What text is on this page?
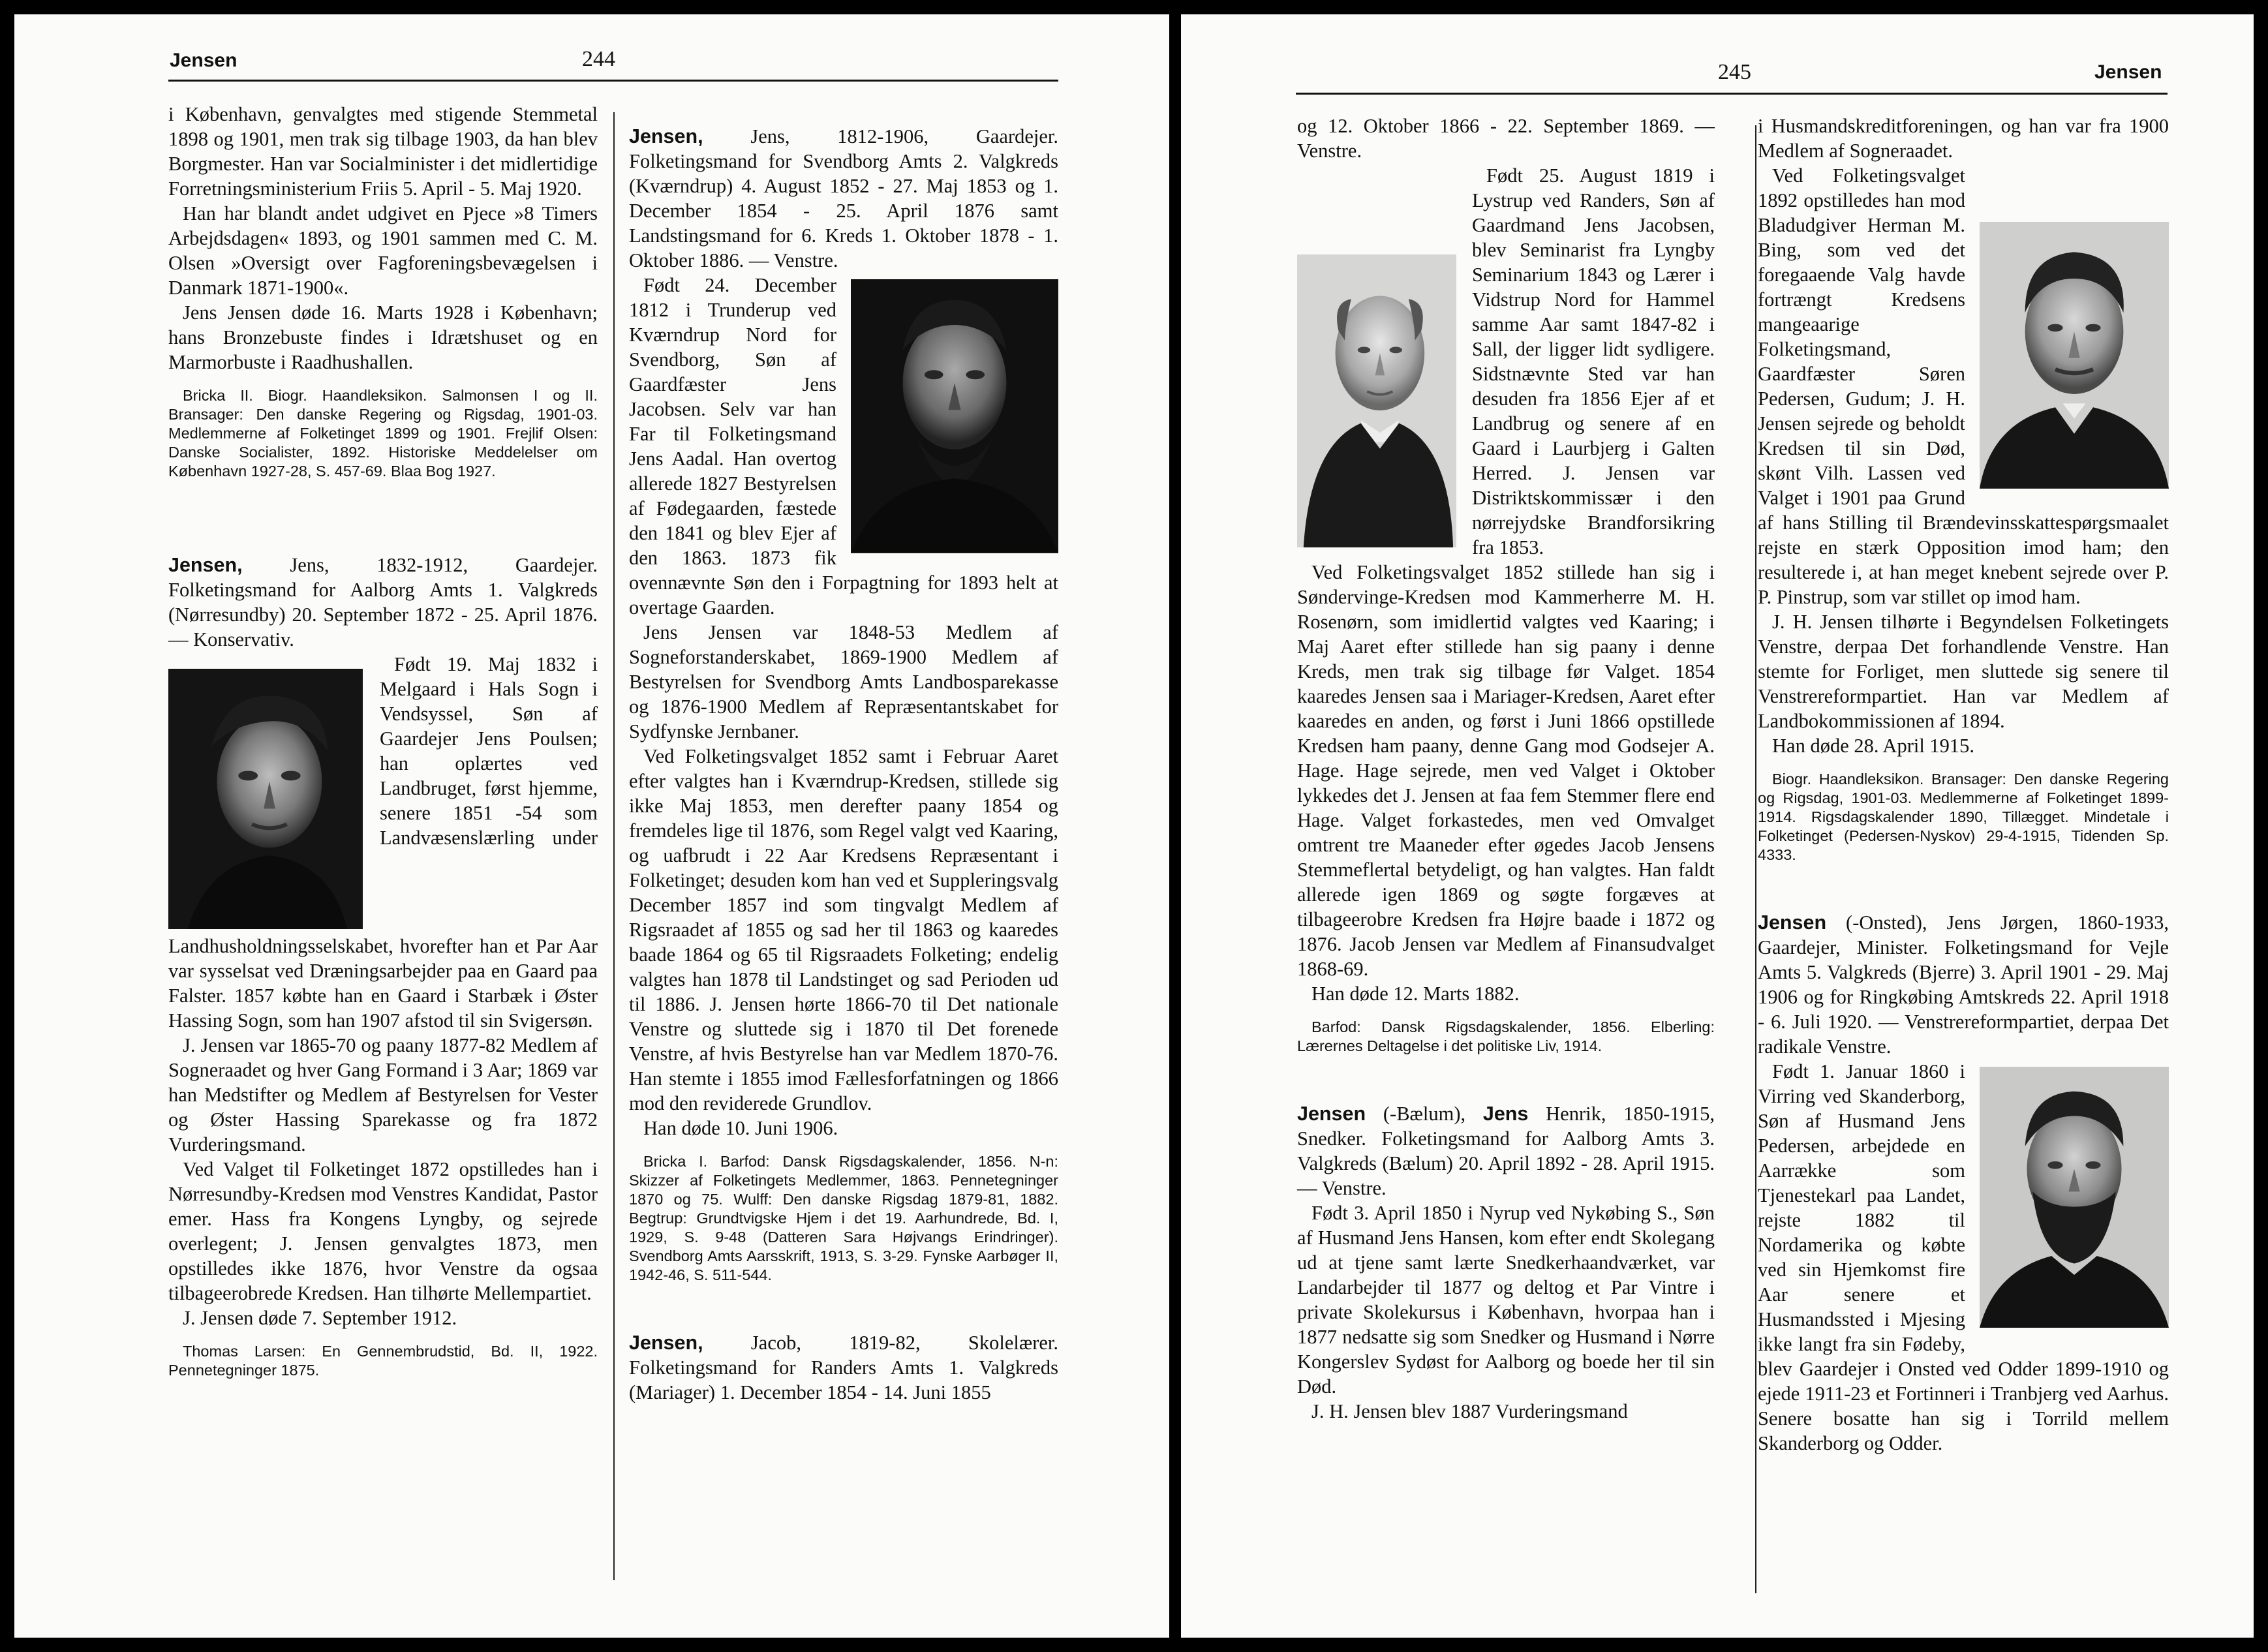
Jensen	244

i København, genvalgtes med stigende Stemmetal 1898 og 1901, men trak sig tilbage 1903, da han blev Borgmester. Han var Socialminister i det midlertidige Forretningsministerium Friis 5. April - 5. Maj 1920.

Han har blandt andet udgivet en Pjece »8 Timers Arbejdsdagen« 1893, og 1901 sammen med C. M. Olsen »Oversigt over Fagforeningsbevægelsen i Danmark 1871-1900«.

Jens Jensen døde 16. Marts 1928 i København; hans Bronzebuste findes i Idrætshuset og en Marmorbuste i Raadhushallen.

Bricka II. Biogr. Haandleksikon. Salmonsen I og II. Bransager: Den danske Regering og Rigsdag, 1901-03. Medlemmerne af Folketinget 1899 og 1901. Frejlif Olsen: Danske Socialister, 1892. Historiske Meddelelser om København 1927-28, S. 457-69. Blaa Bog 1927.

Jensen, Jens, 1832-1912, Gaardejer. Folketingsmand for Aalborg Amts 1. Valgkreds (Nørresundby) 20. September 1872 - 25. April 1876. — Konservativ.

Født 19. Maj 1832 i Melgaard i Hals Sogn i Vendsyssel, Søn af Gaardejer Jens Poulsen; han oplærtes ved Landbruget, først hjemme, senere 1851 -54 som Landvæsenslærling under Landhusholdningsselskabet, hvorefter han et Par Aar var sysselsat ved Dræningsarbejder paa en Gaard paa Falster. 1857 købte han en Gaard i Starbæk i Øster Hassing Sogn, som han 1907 afstod til sin Svigersøn.

J. Jensen var 1865-70 og paany 1877-82 Medlem af Sogneraadet og hver Gang Formand i 3 Aar; 1869 var han Medstifter og Medlem af Bestyrelsen for Vester og Øster Hassing Sparekasse og fra 1872 Vurderingsmand.

Ved Valget til Folketinget 1872 opstilledes han i Nørresundby-Kredsen mod Venstres Kandidat, Pastor emer. Hass fra Kongens Lyngby, og sejrede overlegent; J. Jensen genvalgtes 1873, men opstilledes ikke 1876, hvor Venstre da ogsaa tilbageerobrede Kredsen. Han tilhørte Mellempartiet.

J. Jensen døde 7. September 1912.

Thomas Larsen: En Gennembrudstid, Bd. II, 1922. Pennetegninger 1875.

Jensen, Jens, 1812-1906, Gaardejer. Folketingsmand for Svendborg Amts 2. Valgkreds (Kværndrup) 4. August 1852 - 27. Maj 1853 og 1. December 1854 - 25. April 1876 samt Landstingsmand for 6. Kreds 1. Oktober 1878 - 1. Oktober 1886. — Venstre.

Født 24. December 1812 i Trunderup ved Kværndrup Nord for Svendborg, Søn af Gaardfæster Jens Jacobsen. Selv var han Far til Folketingsmand Jens Aadal. Han overtog allerede 1827 Bestyrelsen af Fødegaarden, fæstede den 1841 og blev Ejer af den 1863. 1873 fik ovennævnte Søn den i Forpagtning for 1893 helt at overtage Gaarden.

Jens Jensen var 1848-53 Medlem af Sogneforstanderskabet, 1869-1900 Medlem af Bestyrelsen for Svendborg Amts Landbosparekasse og 1876-1900 Medlem af Repræsentantskabet for Sydfynske Jernbaner.

Ved Folketingsvalget 1852 samt i Februar Aaret efter valgtes han i Kværndrup-Kredsen, stillede sig ikke Maj 1853, men derefter paany 1854 og fremdeles lige til 1876, som Regel valgt ved Kaaring, og uafbrudt i 22 Aar Kredsens Repræsentant i Folketinget; desuden kom han ved et Suppleringsvalg December 1857 ind som tingvalgt Medlem af Rigsraadet af 1855 og sad her til 1863 og kaaredes baade 1864 og 65 til Rigsraadets Folketing; endelig valgtes han 1878 til Landstinget og sad Perioden ud til 1886. J. Jensen hørte 1866-70 til Det nationale Venstre og sluttede sig i 1870 til Det forenede Venstre, af hvis Bestyrelse han var Medlem 1870-76. Han stemte i 1855 imod Fællesforfatningen og 1866 mod den reviderede Grundlov.

Han døde 10. Juni 1906.

Bricka I. Barfod: Dansk Rigsdagskalender, 1856. N-n: Skizzer af Folketingets Medlemmer, 1863. Pennetegninger 1870 og 75. Wulff: Den danske Rigsdag 1879-81, 1882. Begtrup: Grundtvigske Hjem i det 19. Aarhundrede, Bd. I, 1929, S. 9-48 (Datteren Sara Højvangs Erindringer). Svendborg Amts Aarsskrift, 1913, S. 3-29. Fynske Aarbøger II, 1942-46, S. 511-544.

Jensen, Jacob, 1819-82, Skolelærer. Folketingsmand for Randers Amts 1. Valgkreds (Mariager) 1. December 1854 - 14. Juni 1855

245	Jensen

og 12. Oktober 1866 - 22. September 1869. — Venstre.

Født 25. August 1819 i Lystrup ved Randers, Søn af Gaardmand Jens Jacobsen, blev Seminarist fra Lyngby Seminarium 1843 og Lærer i Vidstrup Nord for Hammel samme Aar samt 1847-82 i Sall, der ligger lidt sydligere. Sidstnævnte Sted var han desuden fra 1856 Ejer af et Landbrug og senere af en Gaard i Laurbjerg i Galten Herred. J. Jensen var Distriktskommissær i den nørrejydske Brandforsikring fra 1853.

Ved Folketingsvalget 1852 stillede han sig i Søndervinge-Kredsen mod Kammerherre M. H. Rosenørn, som imidlertid valgtes ved Kaaring; i Maj Aaret efter stillede han sig paany i denne Kreds, men trak sig tilbage før Valget. 1854 kaaredes Jensen saa i Mariager-Kredsen, Aaret efter kaaredes en anden, og først i Juni 1866 opstillede Kredsen ham paany, denne Gang mod Godsejer A. Hage. Hage sejrede, men ved Valget i Oktober lykkedes det J. Jensen at faa fem Stemmer flere end Hage. Valget forkastedes, men ved Omvalget omtrent tre Maaneder efter øgedes Jacob Jensens Stemmeflertal betydeligt, og han valgtes. Han faldt allerede igen 1869 og søgte forgæves at tilbageerobre Kredsen fra Højre baade i 1872 og 1876. Jacob Jensen var Medlem af Finansudvalget 1868-69.

Han døde 12. Marts 1882.

Barfod: Dansk Rigsdagskalender, 1856. Elberling: Lærernes Deltagelse i det politiske Liv, 1914.

Jensen (-Bælum), Jens Henrik, 1850-1915, Snedker. Folketingsmand for Aalborg Amts 3. Valgkreds (Bælum) 20. April 1892 - 28. April 1915. — Venstre.

Født 3. April 1850 i Nyrup ved Nykøbing S., Søn af Husmand Jens Hansen, kom efter endt Skolegang ud at tjene samt lærte Snedkerhaandværket, var Landarbejder til 1877 og deltog et Par Vintre i private Skolekursus i København, hvorpaa han i 1877 nedsatte sig som Snedker og Husmand i Nørre Kongerslev Sydøst for Aalborg og boede her til sin Død.

J. H. Jensen blev 1887 Vurderingsmand

i Husmandskreditforeningen, og han var fra 1900 Medlem af Sogneraadet.

Ved Folketingsvalget 1892 opstilledes han mod Bladudgiver Herman M. Bing, som ved det foregaaende Valg havde fortrængt Kredsens mangeaarige Folketingsmand, Gaardfæster Søren Pedersen, Gudum; J. H. Jensen sejrede og beholdt Kredsen til sin Død, skønt Vilh. Lassen ved Valget i 1901 paa Grund af hans Stilling til Brændevinsskattespørgsmaalet rejste en stærk Opposition imod ham; den resulterede i, at han meget knebent sejrede over P. P. Pinstrup, som var stillet op imod ham.

J. H. Jensen tilhørte i Begyndelsen Folketingets Venstre, derpaa Det forhandlende Venstre. Han stemte for Forliget, men sluttede sig senere til Venstrereformpartiet. Han var Medlem af Landbokommissionen af 1894.

Han døde 28. April 1915.

Biogr. Haandleksikon. Bransager: Den danske Regering og Rigsdag, 1901-03. Medlemmerne af Folketinget 1899-1914. Rigsdagskalender 1890, Tillægget. Mindetale i Folketinget (Pedersen-Nyskov) 29-4-1915, Tidenden Sp. 4333.

Jensen (-Onsted), Jens Jørgen, 1860-1933, Gaardejer, Minister. Folketingsmand for Vejle Amts 5. Valgkreds (Bjerre) 3. April 1901 - 29. Maj 1906 og for Ringkøbing Amtskreds 22. April 1918 - 6. Juli 1920. — Venstrereformpartiet, derpaa Det radikale Venstre.

Født 1. Januar 1860 i Virring ved Skanderborg, Søn af Husmand Jens Pedersen, arbejdede en Aarrække som Tjenestekarl paa Landet, rejste 1882 til Nordamerika og købte ved sin Hjemkomst fire Aar senere et Husmandssted i Mjesing ikke langt fra sin Fødeby, blev Gaardejer i Onsted ved Odder 1899-1910 og ejede 1911-23 et Fortinneri i Tranbjerg ved Aarhus. Senere bosatte han sig i Torrild mellem Skanderborg og Odder.
